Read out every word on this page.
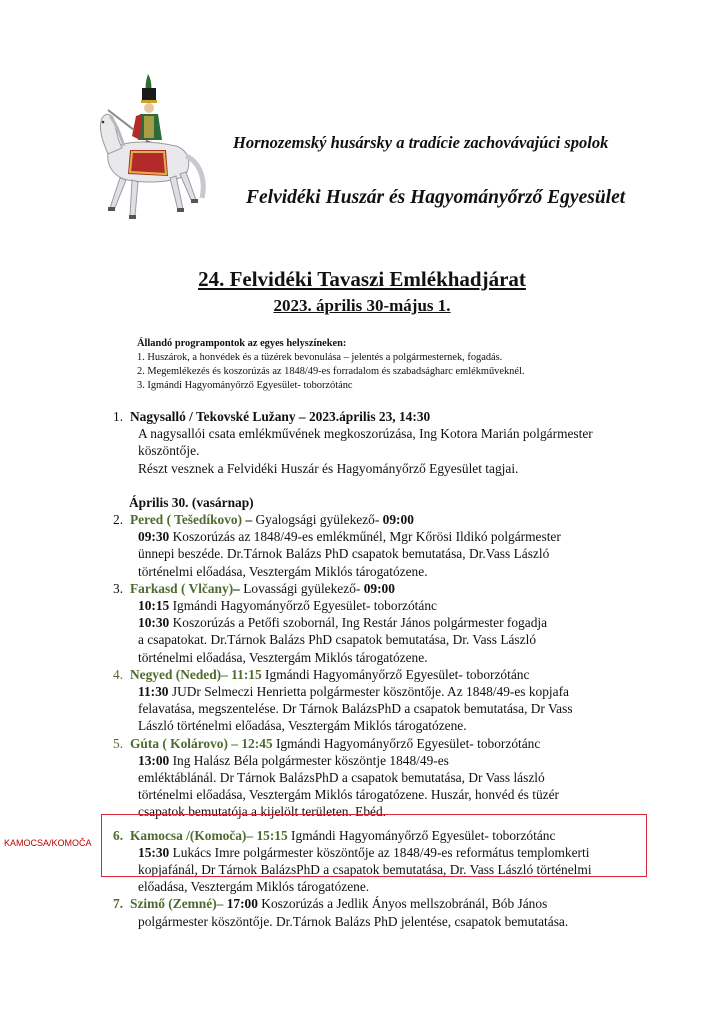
Hornozemský husársky a tradície zachovávajúci spolok
Felvidéki Huszár és Hagyományőrző Egyesület
24. Felvidéki Tavaszi Emlékhadjárat
2023. április 30-május 1.
Állandó programpontok az egyes helyszíneken:
1. Huszárok, a honvédek és a tüzérek bevonulása – jelentés a polgármesternek, fogadás.
2. Megemlékezés és koszorúzás az 1848/49-es forradalom és szabadságharc emlékműveknél.
3. Igmándi Hagyományőrző Egyesület- toborzótánc
1. Nagysalló / Tekovské Lužany – 2023.április 23, 14:30
A nagysallói csata emlékművének megkoszorúzása, Ing Kotora Marián polgármester
köszöntője.
Részt vesznek a Felvidéki Huszár és Hagyományőrző Egyesület tagjai.
Április 30. (vasárnap)
2. Pered ( Tešedíkovo) – Gyalogsági gyülekező- 09:00
09:30 Koszorúzás az 1848/49-es emlékműnél, Mgr Kőrösi Ildikó polgármester
ünnepi beszéde. Dr.Tárnok Balázs PhD csapatok bemutatása, Dr.Vass László
történelmi előadása, Vesztergám Miklós tárogatózene.
3. Farkasd ( Vlčany)– Lovassági gyülekező- 09:00
10:15 Igmándi Hagyományőrző Egyesület- toborzótánc
10:30 Koszorúzás a Petőfi szobornál, Ing Restár János polgármester fogadja
a csapatokat. Dr.Tárnok Balázs PhD csapatok bemutatása, Dr. Vass László
történelmi előadása, Vesztergám Miklós tárogatózene.
4. Negyed (Neded)– 11:15 Igmándi Hagyományőrző Egyesület- toborzótánc
11:30 JUDr Selmeczi Henrietta polgármester köszöntője. Az 1848/49-es kopjafa
felavatása, megszentelése. Dr Tárnok BalázsPhD a csapatok bemutatása, Dr Vass
László történelmi előadása, Vesztergám Miklós tárogatózene.
5. Gúta ( Kolárovo) – 12:45 Igmándi Hagyományőrző Egyesület- toborzótánc
13:00 Ing Halász Béla polgármester köszöntje 1848/49-es
emléktáblánál. Dr Tárnok BalázsPhD a csapatok bemutatása, Dr Vass lászló
történelmi előadása, Vesztergám Miklós tárogatózene. Huszár, honvéd és tüzér
csapatok bemutatója a kijelölt területen. Ebéd.
6. Kamocsa /(Komoča)– 15:15 Igmándi Hagyományőrző Egyesület- toborzótánc
15:30 Lukács Imre polgármester köszöntője az 1848/49-es református templomkerti
kopjafánál, Dr Tárnok BalázsPhD a csapatok bemutatása, Dr. Vass László történelmi
előadása, Vesztergám Miklós tárogatózene.
7. Szimő (Zemné)– 17:00 Koszorúzás a Jedlik Ányos mellszobránál, Bób János
polgármester köszöntője. Dr.Tárnok Balázs PhD jelentése, csapatok bemutatása.
KAMOCSA/KOMOČA
